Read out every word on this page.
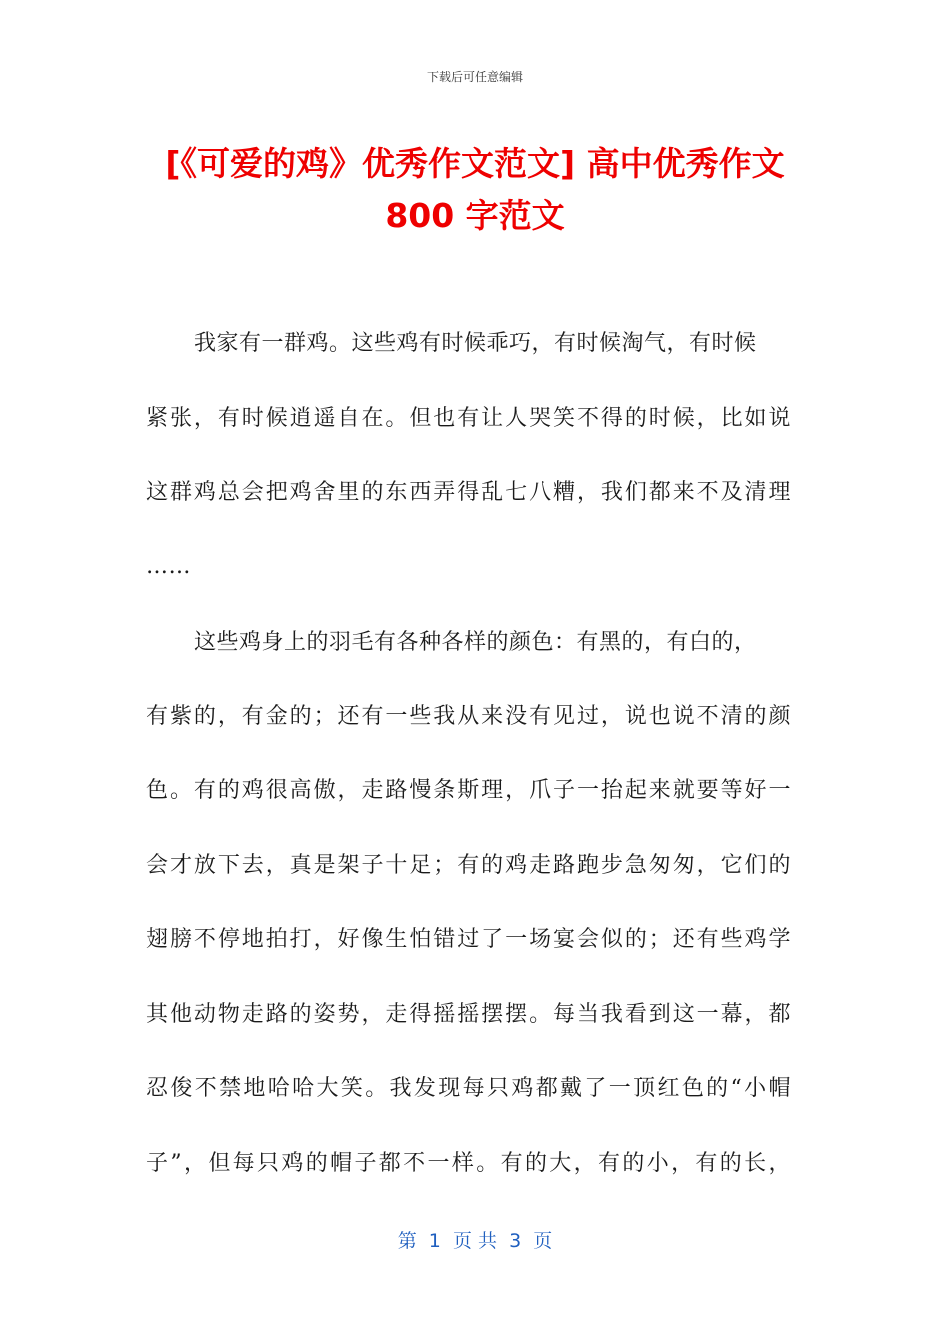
下载后可任意编辑
[《可爱的鸡》优秀作文范文] 高中优秀作文
800 字范文
我家有一群鸡。这些鸡有时候乖巧，有时候淘气，有时候
紧张，有时候逍遥自在。但也有让人哭笑不得的时候，比如说
这群鸡总会把鸡舍里的东西弄得乱七八糟，我们都来不及清理
……
这些鸡身上的羽毛有各种各样的颜色：有黑的，有白的，
有紫的，有金的；还有一些我从来没有见过，说也说不清的颜
色。有的鸡很高傲，走路慢条斯理，爪子一抬起来就要等好一
会才放下去，真是架子十足；有的鸡走路跑步急匆匆，它们的
翅膀不停地拍打，好像生怕错过了一场宴会似的；还有些鸡学
其他动物走路的姿势，走得摇摇摆摆。每当我看到这一幕，都
忍俊不禁地哈哈大笑。我发现每只鸡都戴了一顶红色的“小帽
子”，但每只鸡的帽子都不一样。有的大，有的小，有的长，
第  1  页 共  3  页
